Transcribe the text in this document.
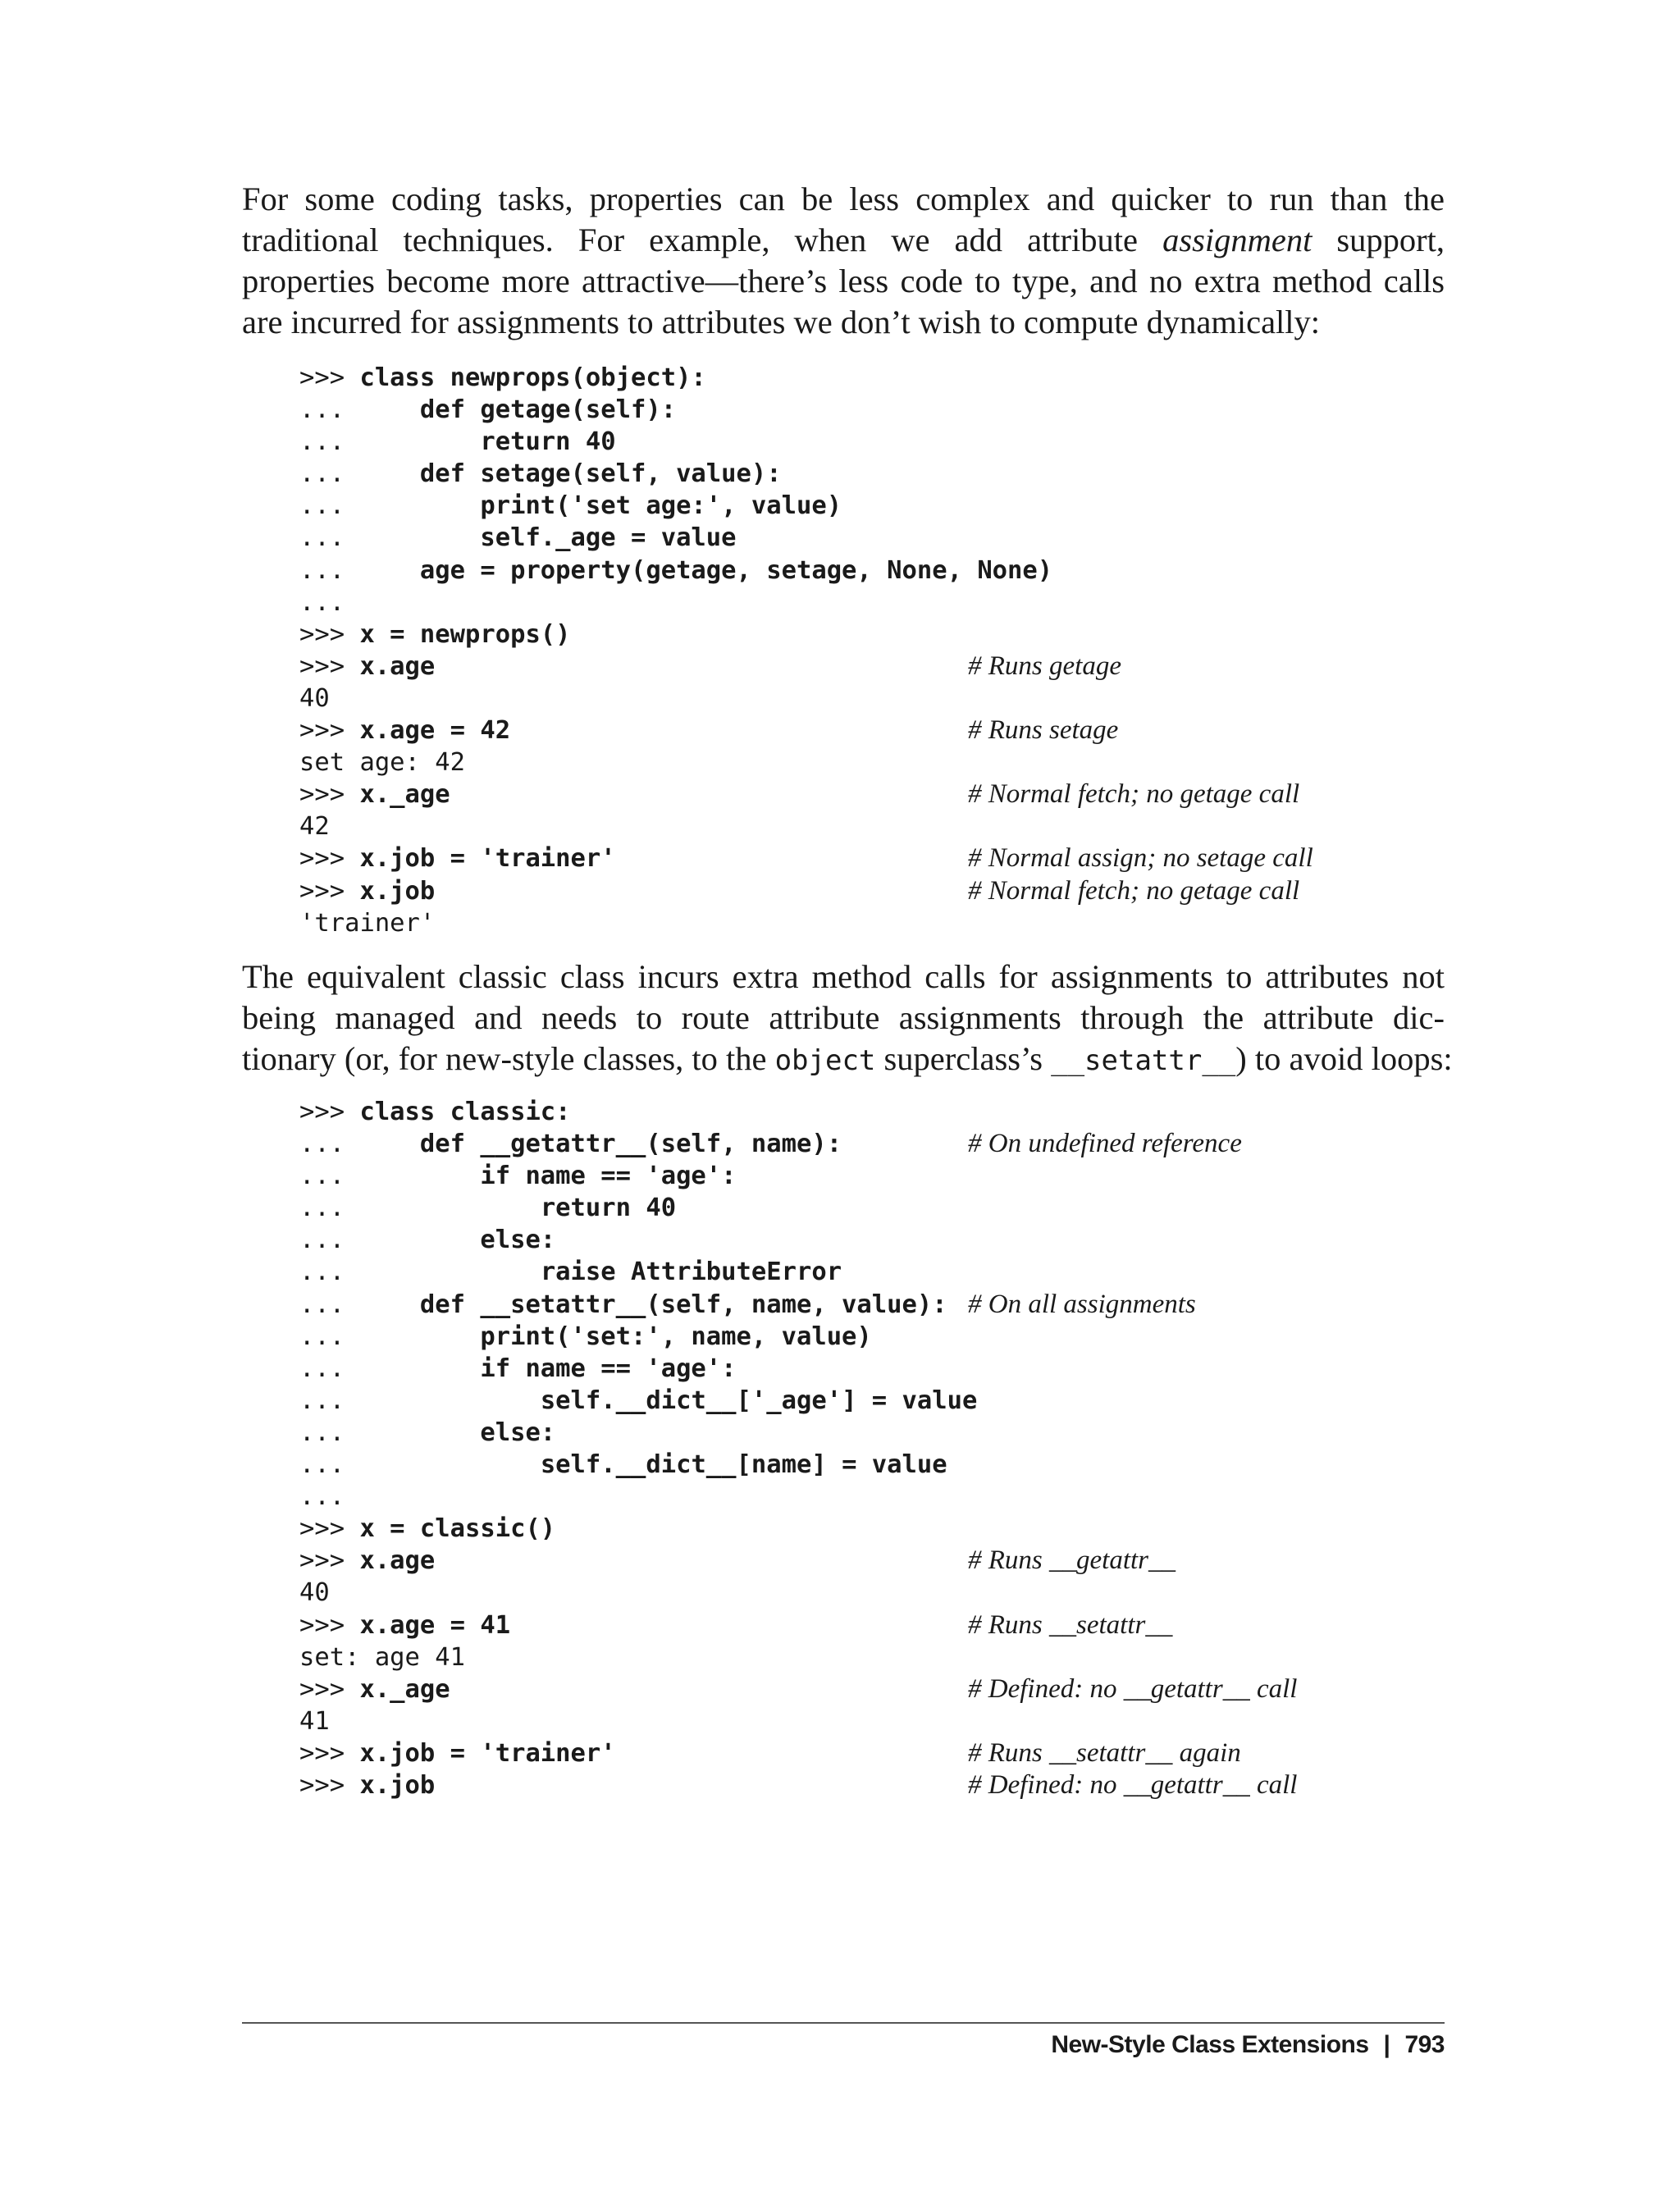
For some coding tasks, properties can be less complex and quicker to run than the
traditional techniques. For example, when we add attribute assignment support,
properties become more attractive—there’s less code to type, and no extra method calls
are incurred for assignments to attributes we don’t wish to compute dynamically:

>>> class newprops(object):
...     def getage(self):
...         return 40
...     def setage(self, value):
...         print('set age:', value)
...         self._age = value
...     age = property(getage, setage, None, None)
...
>>> x = newprops()
>>> x.age	# Runs getage
40
>>> x.age = 42	# Runs setage
set age: 42
>>> x._age	# Normal fetch; no getage call
42
>>> x.job = 'trainer'	# Normal assign; no setage call
>>> x.job	# Normal fetch; no getage call
'trainer'

The equivalent classic class incurs extra method calls for assignments to attributes not
being managed and needs to route attribute assignments through the attribute dic-
tionary (or, for new-style classes, to the object superclass’s __setattr__) to avoid loops:

>>> class classic:
...     def __getattr__(self, name):	# On undefined reference
...         if name == 'age':
...             return 40
...         else:
...             raise AttributeError
...     def __setattr__(self, name, value): # On all assignments
...         print('set:', name, value)
...         if name == 'age':
...             self.__dict__['_age'] = value
...         else:
...             self.__dict__[name] = value
...
>>> x = classic()
>>> x.age	# Runs __getattr__
40
>>> x.age = 41	# Runs __setattr__
set: age 41
>>> x._age	# Defined: no __getattr__ call
41
>>> x.job = 'trainer'	# Runs __setattr__ again
>>> x.job	# Defined: no __getattr__ call
New-Style Class Extensions | 793
